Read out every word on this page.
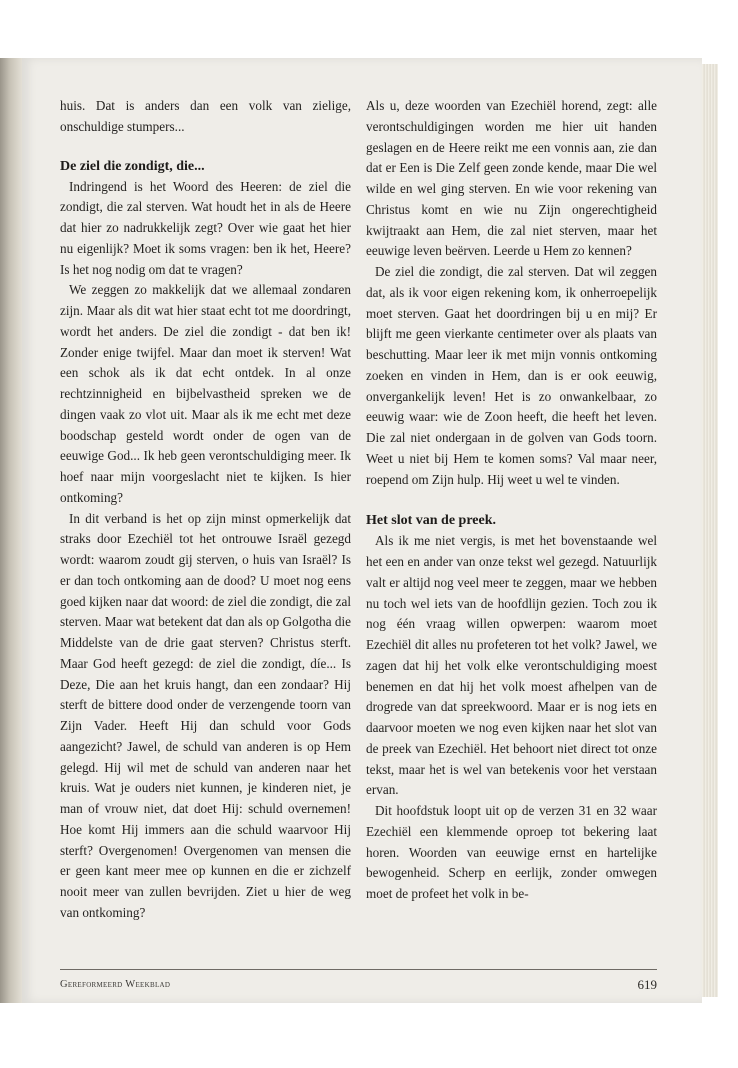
huis. Dat is anders dan een volk van zielige, onschuldige stumpers...

De ziel die zondigt, die...

Indringend is het Woord des Heeren: de ziel die zondigt, die zal sterven. Wat houdt het in als de Heere dat hier zo nadrukkelijk zegt? Over wie gaat het hier nu eigenlijk? Moet ik soms vragen: ben ik het, Heere? Is het nog nodig om dat te vragen?

We zeggen zo makkelijk dat we allemaal zondaren zijn. Maar als dit wat hier staat echt tot me doordringt, wordt het anders. De ziel die zondigt - dat ben ik! Zonder enige twijfel. Maar dan moet ik sterven! Wat een schok als ik dat echt ontdek. In al onze rechtzinnigheid en bijbelvastheid spreken we de dingen vaak zo vlot uit. Maar als ik me echt met deze boodschap gesteld wordt onder de ogen van de eeuwige God... Ik heb geen verontschuldiging meer. Ik hoef naar mijn voorgeslacht niet te kijken. Is hier ontkoming?

In dit verband is het op zijn minst opmerkelijk dat straks door Ezechiël tot het ontrouwe Israël gezegd wordt: waarom zoudt gij sterven, o huis van Israël? Is er dan toch ontkoming aan de dood? U moet nog eens goed kijken naar dat woord: de ziel die zondigt, die zal sterven. Maar wat betekent dat dan als op Golgotha die Middelste van de drie gaat sterven? Christus sterft. Maar God heeft gezegd: de ziel die zondigt, díe... Is Deze, Die aan het kruis hangt, dan een zondaar? Hij sterft de bittere dood onder de verzengende toorn van Zijn Vader. Heeft Hij dan schuld voor Gods aangezicht? Jawel, de schuld van anderen is op Hem gelegd. Hij wil met de schuld van anderen naar het kruis. Wat je ouders niet kunnen, je kinderen niet, je man of vrouw niet, dat doet Hij: schuld overnemen! Hoe komt Hij immers aan die schuld waarvoor Hij sterft? Overgenomen! Overgenomen van mensen die er geen kant meer mee op kunnen en die er zichzelf nooit meer van zullen bevrijden. Ziet u hier de weg van ontkoming?

Als u, deze woorden van Ezechiël horend, zegt: alle verontschuldigingen worden me hier uit handen geslagen en de Heere reikt me een vonnis aan, zie dan dat er Een is Die Zelf geen zonde kende, maar Die wel wilde en wel ging sterven. En wie voor rekening van Christus komt en wie nu Zijn ongerechtigheid kwijtraakt aan Hem, die zal niet sterven, maar het eeuwige leven beërven. Leerde u Hem zo kennen?

De ziel die zondigt, die zal sterven. Dat wil zeggen dat, als ik voor eigen rekening kom, ik onherroepelijk moet sterven. Gaat het doordringen bij u en mij? Er blijft me geen vierkante centimeter over als plaats van beschutting. Maar leer ik met mijn vonnis ontkoming zoeken en vinden in Hem, dan is er ook eeuwig, onvergankelijk leven! Het is zo onwankelbaar, zo eeuwig waar: wie de Zoon heeft, die heeft het leven. Die zal niet ondergaan in de golven van Gods toorn. Weet u niet bij Hem te komen soms? Val maar neer, roepend om Zijn hulp. Hij weet u wel te vinden.

Het slot van de preek.

Als ik me niet vergis, is met het bovenstaande wel het een en ander van onze tekst wel gezegd. Natuurlijk valt er altijd nog veel meer te zeggen, maar we hebben nu toch wel iets van de hoofdlijn gezien. Toch zou ik nog één vraag willen opwerpen: waarom moet Ezechiël dit alles nu profeteren tot het volk? Jawel, we zagen dat hij het volk elke verontschuldiging moest benemen en dat hij het volk moest afhelpen van de drogrede van dat spreekwoord. Maar er is nog iets en daarvoor moeten we nog even kijken naar het slot van de preek van Ezechiël. Het behoort niet direct tot onze tekst, maar het is wel van betekenis voor het verstaan ervan.

Dit hoofdstuk loopt uit op de verzen 31 en 32 waar Ezechiël een klemmende oproep tot bekering laat horen. Woorden van eeuwige ernst en hartelijke bewogenheid. Scherp en eerlijk, zonder omwegen moet de profeet het volk in be-

Gereformeerd Weekblad	619
